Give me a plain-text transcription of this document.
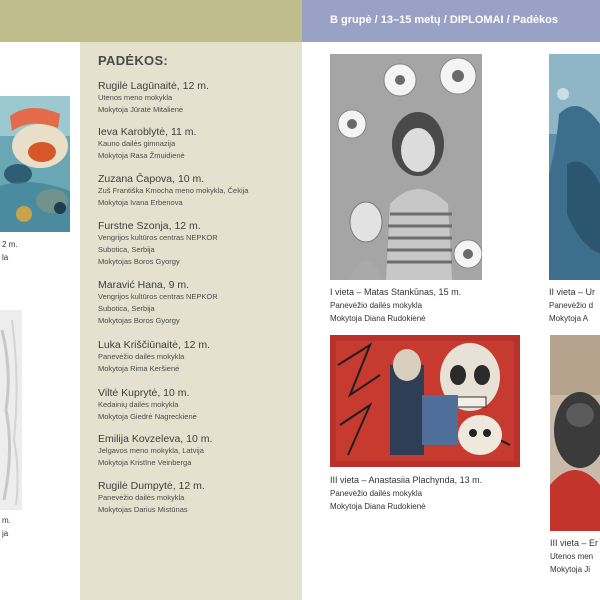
B grupė / 13–15 metų / DIPLOMAI / Padėkos
2 m.
la
m.
ja
PADĖKOS:
Rugilė Lagūnaitė, 12 m.
Utenos meno mokykla
Mokytoja Jūratė Mitalienė
Ieva Karoblytė, 11 m.
Kauno dailės gimnazija
Mokytoja Rasa Žmuidienė
Zuzana Čapova, 10 m.
Zuš Františka Kmocha meno mokykla, Čekija
Mokytoja Ivana Erbenova
Furstne Szonja, 12 m.
Vengrijos kultūros centras NEPKOR
Subotica, Serbija
Mokytojas Boros Gyorgy
Maravić Hana, 9 m.
Vengrijos kultūros centras NEPKOR
Subotica, Serbija
Mokytojas Boros Gyorgy
Luka Kriščiūnaitė, 12 m.
Panevėžio dailės mokykla
Mokytoja Rima Keršienė
Viltė Kuprytė, 10 m.
Kedainių dailės mokykla
Mokytoja Giedrė Nagreckienė
Emilija Kovzeleva, 10 m.
Jelgavos meno mokykla, Latvija
Mokytoja Kristīne Veinberga
Rugilė Dumpytė, 12 m.
Panevėžio dailės mokykla
Mokytojas Darius Mistūnas
I vieta – Matas Stankūnas, 15 m.
Panevėžio dailės mokykla
Mokytoja Diana Rudokienė
II vieta – Ur
Panevėžio d
Mokytoja A
III vieta – Anastasiia Plachynda, 13 m.
Panevėžio dailės mokykla
Mokytoja Diana Rudokienė
III vieta – Er
Utenos men
Mokytoja Ji
